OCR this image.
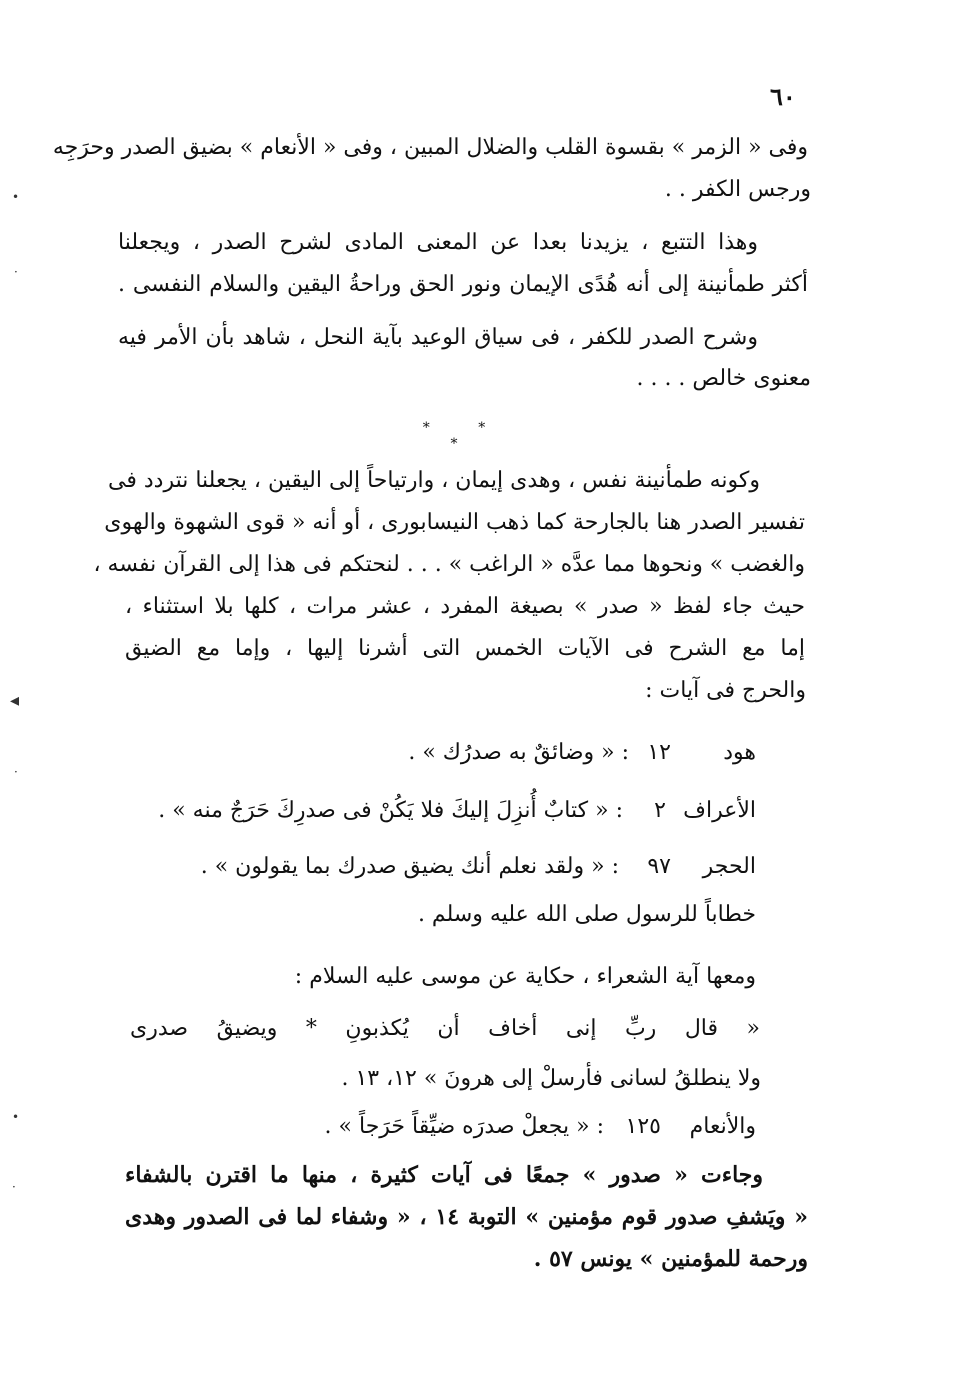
٦٠
وفى « الزمر » بقسوة القلب والضلال المبين ، وفى « الأنعام » بضيق الصدر وحرَجِه
ورجس الكفر . .
وهذا التتبع ، يزيدنا بعدا عن المعنى المادى لشرح الصدر ، ويجعلنا
أكثر طمأنينة إلى أنه هُدًى الإيمان ونور الحق وراحةُ اليقين والسلام النفسى .
وشرح الصدر للكفر ، فى سياق الوعيد بآية النحل ، شاهد بأن الأمر فيه
معنوى خالص . . . .
* * *
وكونه طمأنينة نفس ، وهدى إيمان ، وارتياحاً إلى اليقين ، يجعلنا نتردد فى
تفسير الصدر هنا بالجارحة كما ذهب النيسابورى ، أو أنه « قوى الشهوة والهوى
والغضب » ونحوها مما عدَّه « الراغب » . . . لنحتكم فى هذا إلى القرآن نفسه ،
حيث جاء لفظ « صدر » بصيغة المفرد ، عشر مرات ، كلها بلا استثناء ،
إما مع الشرح فى الآيات الخمس التى أشرنا إليها ، وإما مع الضيق
والحرج فى آيات :
هود
١٢
: « وضائقٌ به صدرُك » .
الأعراف
٢
: « كتابٌ أُنزِلَ إليكَ فلا يَكُنْ فى صدرِكَ حَرَجٌ منه » .
الحجر
٩٧
: « ولقد نعلم أنك يضيق صدرك بما يقولون » .
خطاباً للرسول صلى الله عليه وسلم .
ومعها آية الشعراء ، حكاية عن موسى عليه السلام :
« قال ربِّ إنى أخاف أن يُكذبونِ * ويضيقُ صدرى
ولا ينطلقُ لسانى فأرسلْ إلى هرونَ » ١٢، ١٣ .
والأنعام
١٢٥
: « يجعلْ صدرَه ضيِّقاً حَرَجاً » .
وجاءت « صدور » جمعًا فى آيات كثيرة ، منها ما اقترن بالشفاء
« ويَشفِ صدور قوم مؤمنين » التوبة ١٤ ، « وشفاء لما فى الصدور وهدى
ورحمة للمؤمنين » يونس ٥٧ .
•
·
◂
·
•
·
